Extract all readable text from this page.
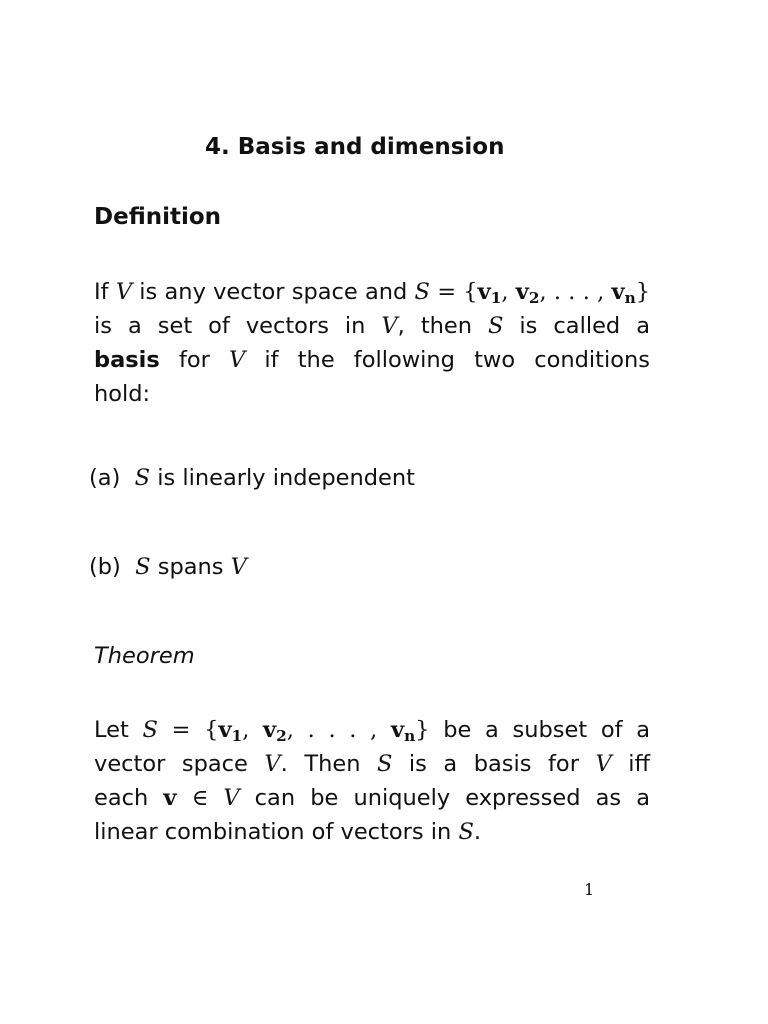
4. Basis and dimension
Definition
If V is any vector space and $S = \{v_1$, $v_2$, . . . , $v_n$}
is a set of vectors in V, then S is called a
basis for V if the following two conditions
hold:
(a)  S is linearly independent
(b)  S spans V
Theorem
Let $S = \{v_1$, $v_2$, . . . , $v_n$} be a subset of a
vector space V. Then S is a basis for V iff
each v ∈ V can be uniquely expressed as a
linear combination of vectors in S.
1
